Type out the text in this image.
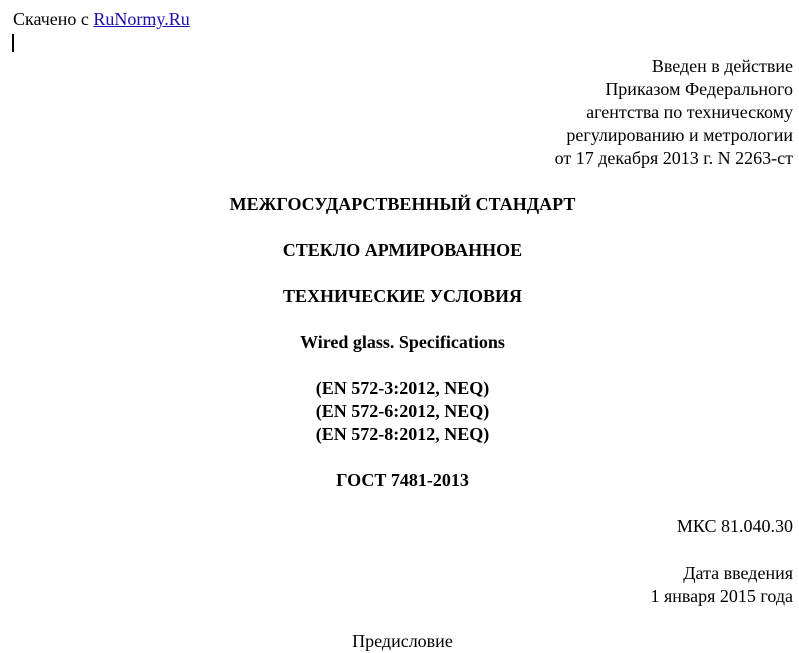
Скачено с RuNormy.Ru
Введен в действие
Приказом Федерального
агентства по техническому
регулированию и метрологии
от 17 декабря 2013 г. N 2263-ст
МЕЖГОСУДАРСТВЕННЫЙ СТАНДАРТ
СТЕКЛО АРМИРОВАННОЕ
ТЕХНИЧЕСКИЕ УСЛОВИЯ
Wired glass. Specifications
(EN 572-3:2012, NEQ)
(EN 572-6:2012, NEQ)
(EN 572-8:2012, NEQ)
ГОСТ 7481-2013
МКС 81.040.30
Дата введения
1 января 2015 года
Предисловие
